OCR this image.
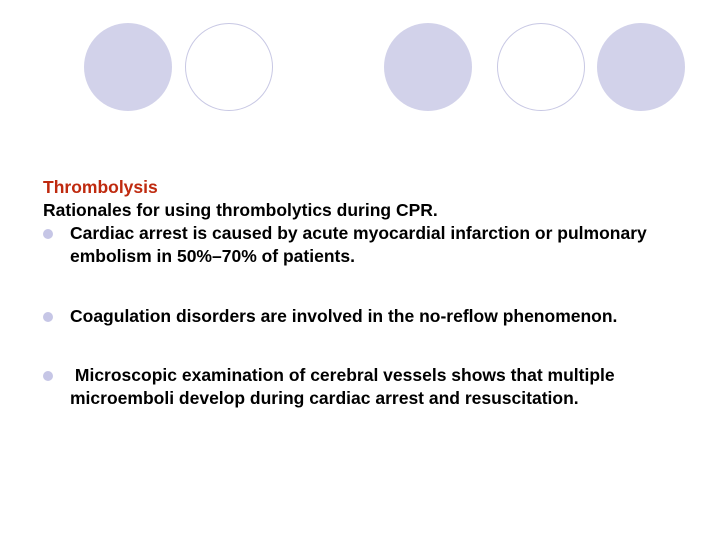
Thrombolysis

Rationales for using thrombolytics during CPR.

Cardiac arrest is caused by acute myocardial infarction or pulmonary embolism in 50%–70% of patients.
Coagulation disorders are involved in the no-reflow phenomenon.
Microscopic examination of cerebral vessels shows that multiple microemboli develop during cardiac arrest and resuscitation.
